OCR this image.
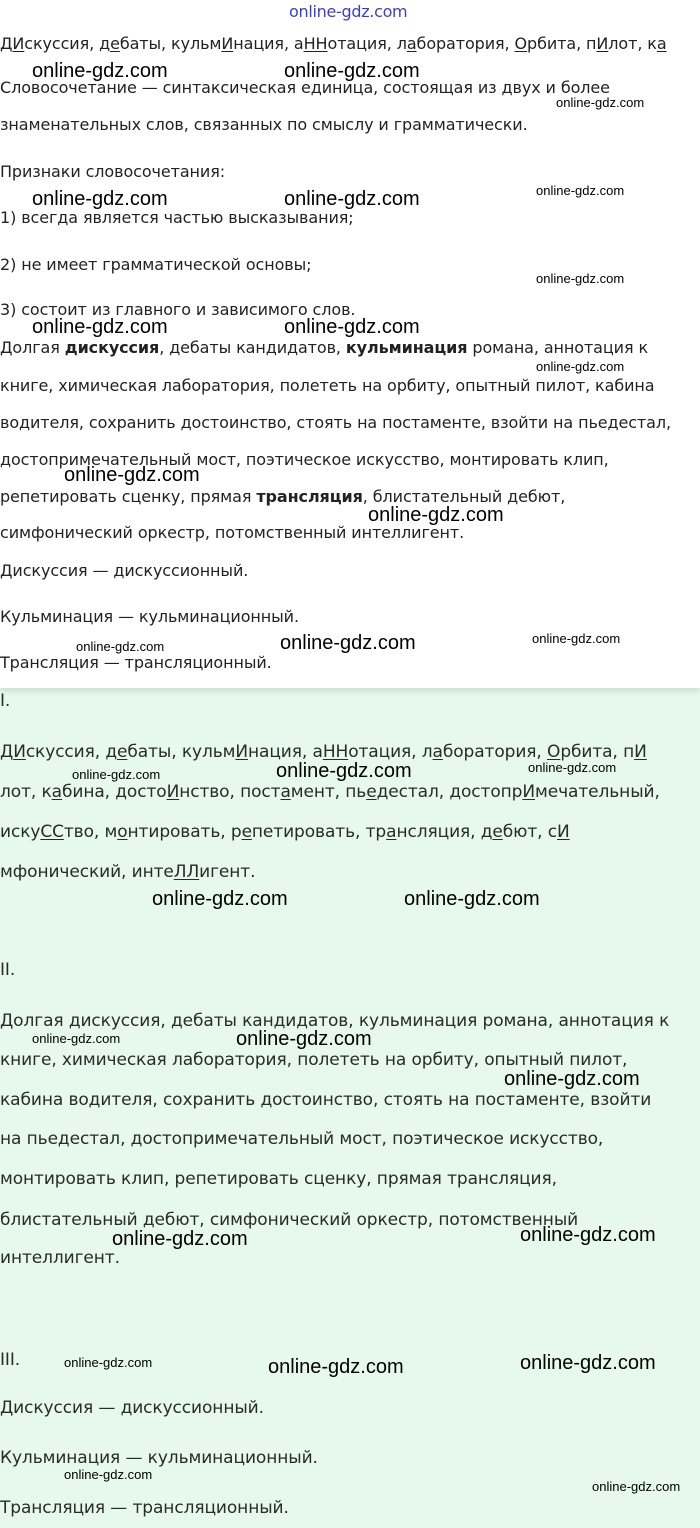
online-gdz.com
ДИскуссия, дебаты, кульмИнация, аННотация, лаборатория, Орбита, пИлот, ка
Словосочетание — синтаксическая единица, состоящая из двух и более
знаменательных слов, связанных по смыслу и грамматически.
Признаки словосочетания:
1) всегда является частью высказывания;
2) не имеет грамматической основы;
3) состоит из главного и зависимого слов.
Долгая дискуссия, дебаты кандидатов, кульминация романа, аннотация к
книге, химическая лаборатория, полететь на орбиту, опытный пилот, кабина
водителя, сохранить достоинство, стоять на постаменте, взойти на пьедестал,
достопримечательный мост, поэтическое искусство, монтировать клип,
репетировать сценку, прямая трансляция, блистательный дебют,
симфонический оркестр, потомственный интеллигент.
Дискуссия — дискуссионный.
Кульминация — кульминационный.
Трансляция — трансляционный.
I.
ДИскуссия, дебаты, кульмИнация, аННотация, лаборатория, Орбита, пИ
лот, кабина, достоИнство, постамент, пьедестал, достопрИмечательный,
искуССтво, монтировать, репетировать, трансляция, дебют, сИ
мфонический, интеЛЛигент.
II.
Долгая дискуссия, дебаты кандидатов, кульминация романа, аннотация к
книге, химическая лаборатория, полететь на орбиту, опытный пилот,
кабина водителя, сохранить достоинство, стоять на постаменте, взойти
на пьедестал, достопримечательный мост, поэтическое искусство,
монтировать клип, репетировать сценку, прямая трансляция,
блистательный дебют, симфонический оркестр, потомственный
интеллигент.
III.
Дискуссия — дискуссионный.
Кульминация — кульминационный.
Трансляция — трансляционный.
online-gdz.com	online-gdz.com
online-gdz.com
online-gdz.com	online-gdz.com	online-gdz.com
online-gdz.com
online-gdz.com	online-gdz.com
online-gdz.com
online-gdz.com
online-gdz.com
online-gdz.com	online-gdz.com	online-gdz.com
online-gdz.com	online-gdz.com	online-gdz.com
online-gdz.com	online-gdz.com
online-gdz.com	online-gdz.com
online-gdz.com
online-gdz.com	online-gdz.com
online-gdz.com	online-gdz.com	online-gdz.com
online-gdz.com
online-gdz.com
